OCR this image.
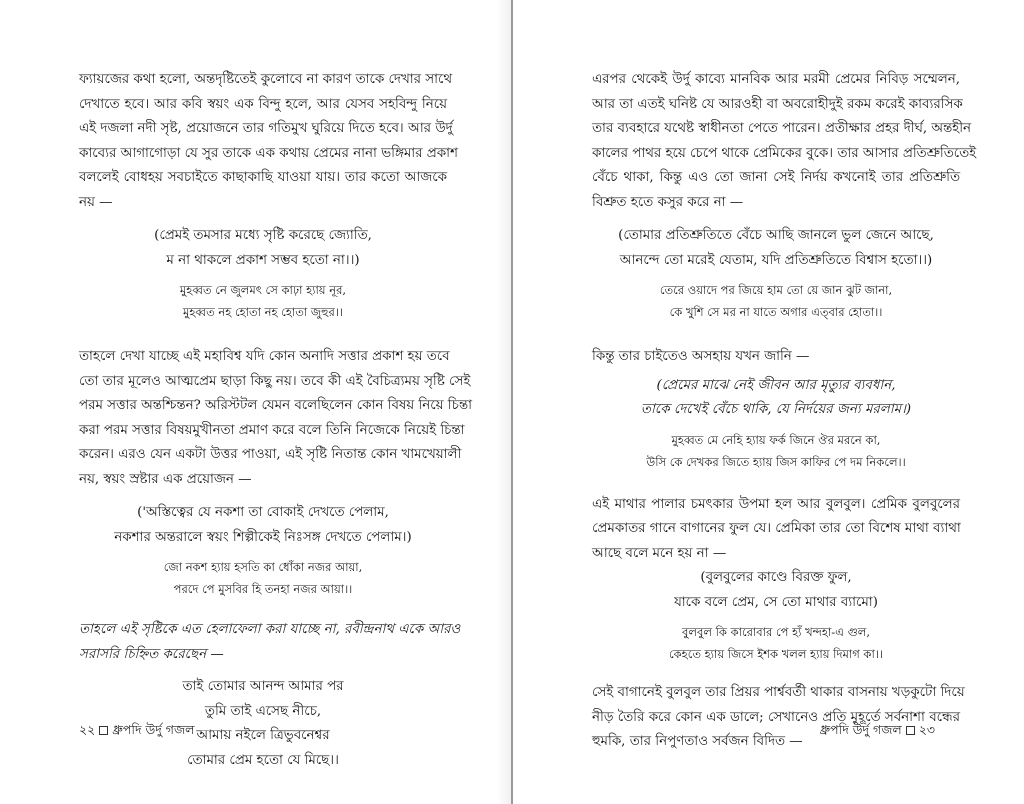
ফ্যায়জের কথা হলো, অন্তদৃষ্টিতেই কুলোবে না কারণ তাকে দেখার সাথে
দেখাতে হবে। আর কবি স্বয়ং এক বিন্দু হলে, আর যেসব সহবিন্দু নিয়ে
এই দজলা নদী সৃষ্ট, প্রয়োজনে তার গতিমুখ ঘুরিয়ে দিতে হবে। আর উর্দু
কাব্যের আগাগোড়া যে সুর তাকে এক কথায় প্রেমের নানা ভঙ্গিমার প্রকাশ
বললেই বোধহয় সবচাইতে কাছাকাছি যাওয়া যায়। তার কতো আজকে
নয় —

(প্রেমই তমসার মধ্যে সৃষ্টি করেছে জ্যোতি,
ম না থাকলে প্রকাশ সম্ভব হতো না।।)

মুহব্বত নে জুলমৎ সে কাঢ়া হ্যায় নূর,
মুহব্বত নহ হোতা নহ হোতা জুহুর।।

তাহলে দেখা যাচ্ছে এই মহাবিশ্ব যদি কোন অনাদি সত্তার প্রকাশ হয় তবে
তো তার মূলেও আত্মপ্রেম ছাড়া কিছু নয়। তবে কী এই বৈচিত্র্যময় সৃষ্টি সেই
পরম সত্তার অন্তশ্চিন্তন? অরিস্টটল যেমন বলেছিলেন কোন বিষয় নিয়ে চিন্তা
করা পরম সত্তার বিষয়মুখীনতা প্রমাণ করে বলে তিনি নিজেকে নিয়েই চিন্তা
করেন। এরও যেন একটা উত্তর পাওয়া, এই সৃষ্টি নিতান্ত কোন খামখেয়ালী
নয়, স্বয়ং স্রষ্টার এক প্রয়োজন —

('অস্তিত্বের যে নকশা তা বোকাই দেখতে পেলাম,
নকশার অন্তরালে স্বয়ং শিল্পীকেই নিঃসঙ্গ দেখতে পেলাম।)

জো নকশ হ্যায় হসতি কা ধোঁকা নজর আয়া,
পরদে পে মুসবির হি তনহা নজর আয়া।।

তাহলে এই সৃষ্টিকে এত হেলাফেলা করা যাচ্ছে না, রবীন্দ্রনাথ একে আরও
সরাসরি চিহ্নিত করেছেন —

তাই তোমার আনন্দ আমার পর
তুমি তাই এসেছ নীচে,
আমায় নইলে ত্রিভুবনেশ্বর
তোমার প্রেম হতো যে মিছে।।

২২ ধ্রুপদি উর্দু গজল

এরপর থেকেই উর্দু কাব্যে মানবিক আর মরমী প্রেমের নিবিড় সম্মেলন,
আর তা এতই ঘনিষ্ট যে আরওহী বা অবরোহীদুই রকম করেই কাব্যরসিক
তার ব্যবহারে যথেষ্ট স্বাধীনতা পেতে পারেন। প্রতীক্ষার প্রহর দীর্ঘ, অন্তহীন
কালের পাথর হয়ে চেপে থাকে প্রেমিকের বুকে। তার আসার প্রতিশ্রুতিতেই
বেঁচে থাকা, কিন্তু এও তো জানা সেই নির্দয় কখনোই তার প্রতিশ্রুতি
বিশ্রুত হতে কসুর করে না —

(তোমার প্রতিশ্রুতিতে বেঁচে আছি জানলে ভুল জেনে আছে,
আনন্দে তো মরেই যেতাম, যদি প্রতিশ্রুতিতে বিশ্বাস হতো।।)

তেরে ওয়াদে পর জিয়ে হাম তো য়ে জান ঝুট জানা,
কে খুশি সে মর না যাতে অগার এত্‌বার হোতা।।

কিন্তু তার চাইতেও অসহায় যখন জানি —

(প্রেমের মাঝে নেই জীবন আর মৃত্যুর ব্যবধান,
তাকে দেখেই বেঁচে থাকি, যে নির্দয়ের জন্য মরলাম।)

মুহব্বত মে নেহি হ্যায় ফর্ক জিনে ঔর মরনে কা,
উসি কে দেখকর জিতে হ্যায় জিস কাফির পে দম নিকলে।।

এই মাথার পালার চমৎকার উপমা হল আর বুলবুল। প্রেমিক বুলবুলের
প্রেমকাতর গানে বাগানের ফুল যে। প্রেমিকা তার তো বিশেষ মাথা ব্যাথা
আছে বলে মনে হয় না —

(বুলবুলের কাণ্ডে বিরক্ত ফুল,
যাকে বলে প্রেম, সে তো মাথার ব্যামো)

বুলবুল কি কারোবার পে হ্যঁ খন্দহা-এ গুল,
কেহতে হ্যায় জিসে ইশক খলল হ্যায় দিমাগ কা।।

সেই বাগানেই বুলবুল তার প্রিয়র পার্শ্ববর্তী থাকার বাসনায় খড়কুটো দিয়ে
নীড় তৈরি করে কোন এক ডালে; সেখানেও প্রতি মুহূর্তে সর্বনাশা বন্ধের
হুমকি, তার নিপুণতাও সর্বজন বিদিত —

ধ্রুপদি উর্দু গজল ২৩
